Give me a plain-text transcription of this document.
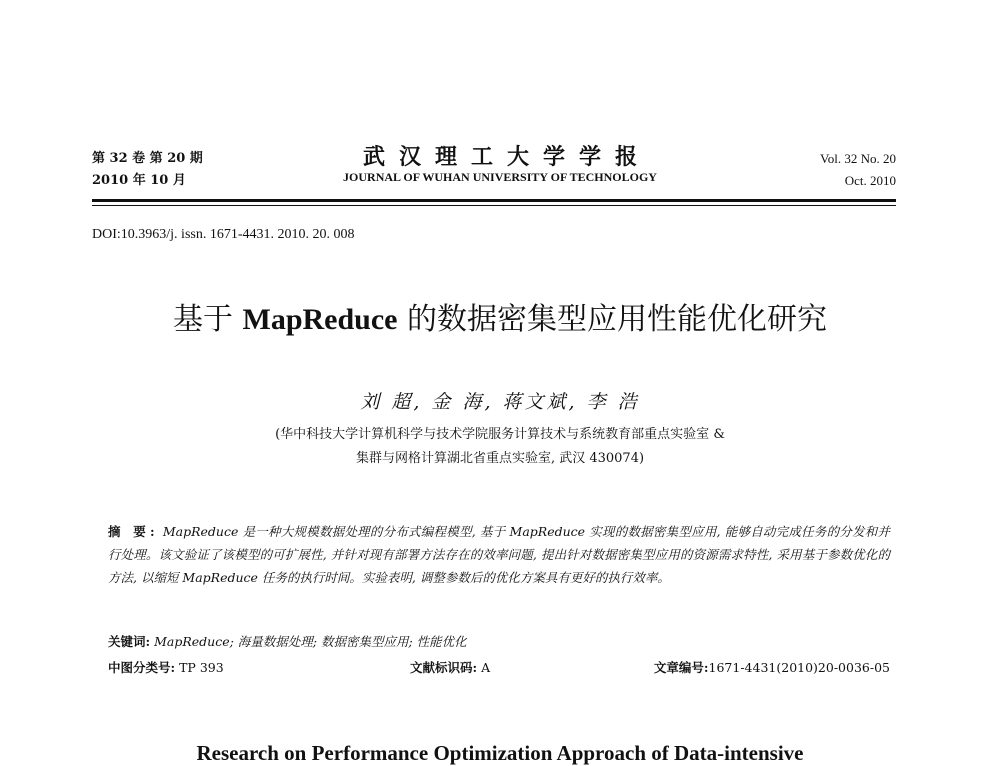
第 32 卷 第 20 期
2010 年 10 月
武汉理工大学学报
JOURNAL OF WUHAN UNIVERSITY OF TECHNOLOGY
Vol. 32 No. 20
Oct. 2010
DOI:10.3963/j. issn. 1671-4431. 2010. 20. 008
基于 MapReduce 的数据密集型应用性能优化研究
刘 超, 金 海, 蒋文斌, 李 浩
(华中科技大学计算机科学与技术学院服务计算技术与系统教育部重点实验室 &
集群与网格计算湖北省重点实验室, 武汉 430074)
摘 要: MapReduce 是一种大规模数据处理的分布式编程模型, 基于 MapReduce 实现的数据密集型应用, 能够自动完成任务的分发和并行处理。该文验证了该模型的可扩展性, 并针对现有部署方法存在的效率问题, 提出针对数据密集型应用的资源需求特性, 采用基于参数优化的方法, 以缩短 MapReduce 任务的执行时间。实验表明, 调整参数后的优化方案具有更好的执行效率。
关键词: MapReduce; 海量数据处理; 数据密集型应用; 性能优化
中图分类号: TP 393	文献标识码: A	文章编号:1671-4431(2010)20-0036-05
Research on Performance Optimization Approach of Data-intensive
